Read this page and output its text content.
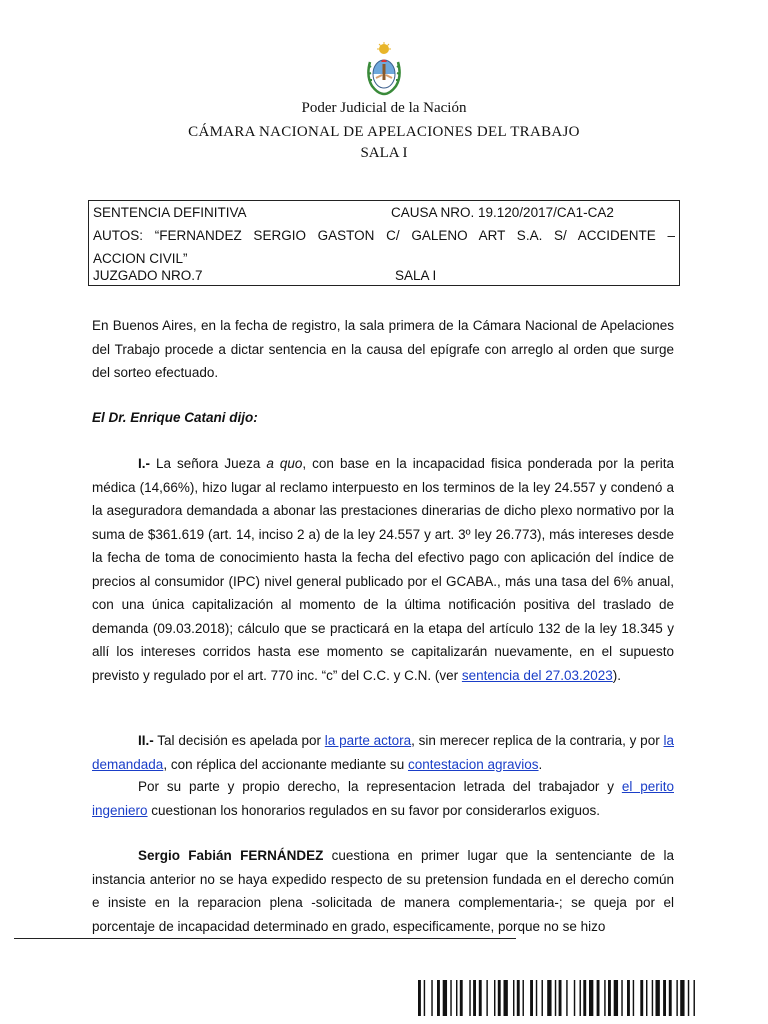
Poder Judicial de la Nación
CÁMARA NACIONAL DE APELACIONES DEL TRABAJO
SALA I
SENTENCIA DEFINITIVA	CAUSA NRO. 19.120/2017/CA1-CA2
AUTOS: “FERNANDEZ SERGIO GASTON C/ GALENO ART S.A. S/ ACCIDENTE –
ACCION CIVIL”
JUZGADO NRO.7	SALA I

En Buenos Aires, en la fecha de registro, la sala primera de la Cámara Nacional de Apelaciones del Trabajo procede a dictar sentencia en la causa del epígrafe con arreglo al orden que surge del sorteo efectuado.

El Dr. Enrique Catani dijo:

I.- La señora Jueza a quo, con base en la incapacidad fisica ponderada por la perita médica (14,66%), hizo lugar al reclamo interpuesto en los terminos de la ley 24.557 y condenó a la aseguradora demandada a abonar las prestaciones dinerarias de dicho plexo normativo por la suma de $361.619 (art. 14, inciso 2 a) de la ley 24.557 y art. 3º ley 26.773), más intereses desde la fecha de toma de conocimiento hasta la fecha del efectivo pago con aplicación del índice de precios al consumidor (IPC) nivel general publicado por el GCABA., más una tasa del 6% anual, con una única capitalización al momento de la última notificación positiva del traslado de demanda (09.03.2018); cálculo que se practicará en la etapa del artículo 132 de la ley 18.345 y allí los intereses corridos hasta ese momento se capitalizarán nuevamente, en el supuesto previsto y regulado por el art. 770 inc. “c” del C.C. y C.N. (ver sentencia del 27.03.2023).

II.- Tal decisión es apelada por la parte actora, sin merecer replica de la contraria, y por la demandada, con réplica del accionante mediante su contestacion agravios.

Por su parte y propio derecho, la representacion letrada del trabajador y el perito ingeniero cuestionan los honorarios regulados en su favor por considerarlos exiguos.

Sergio Fabián FERNÁNDEZ cuestiona en primer lugar que la sentenciante de la instancia anterior no se haya expedido respecto de su pretension fundada en el derecho común e insiste en la reparacion plena -solicitada de manera complementaria-; se queja por el porcentaje de incapacidad determinado en grado, especificamente, porque no se hizo
